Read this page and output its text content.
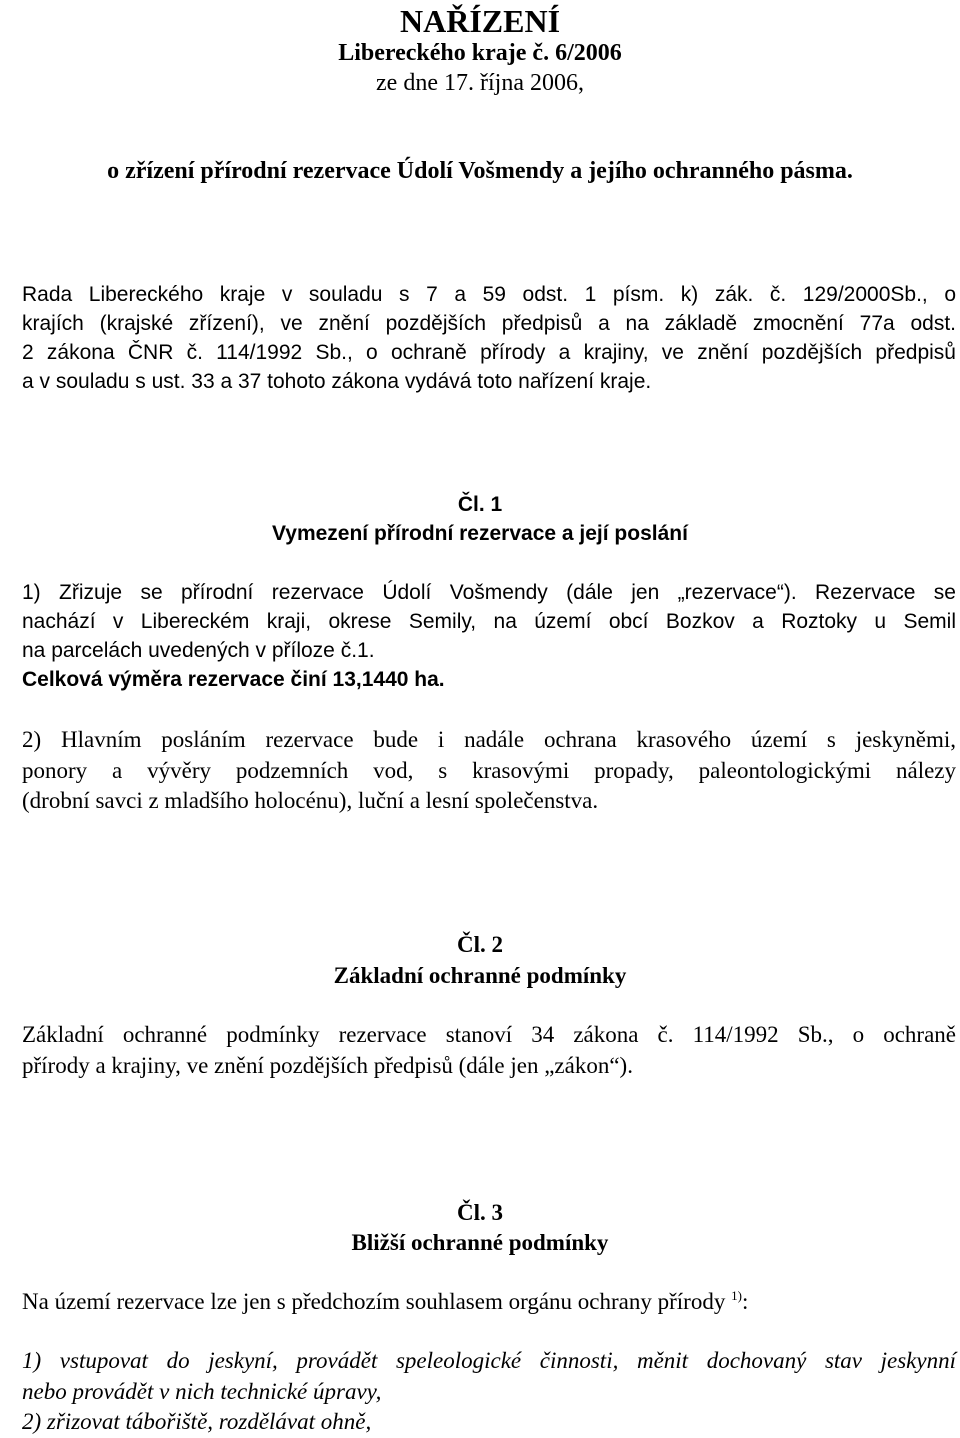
NAŘÍZENÍ
Libereckého kraje č. 6/2006
ze dne 17. října 2006,
o zřízení přírodní rezervace Údolí Vošmendy a jejího ochranného pásma.
Rada Libereckého kraje v souladu s 7 a 59 odst. 1 písm. k) zák. č. 129/2000Sb., o
krajích (krajské zřízení), ve znění pozdějších předpisů a na základě zmocnění 77a odst.
2 zákona ČNR č. 114/1992 Sb., o ochraně přírody a krajiny, ve znění pozdějších předpisů
a v souladu s ust. 33 a 37 tohoto zákona vydává toto nařízení kraje.
Čl. 1
Vymezení přírodní rezervace a její poslání
1) Zřizuje se přírodní rezervace Údolí Vošmendy (dále jen „rezervace“). Rezervace se
nachází v Libereckém kraji, okrese Semily, na území obcí Bozkov a Roztoky u Semil
na parcelách uvedených v příloze č.1.
Celková výměra rezervace činí 13,1440 ha.
2) Hlavním posláním rezervace bude i nadále ochrana krasového území s jeskyněmi,
ponory a vývěry podzemních vod, s krasovými propady, paleontologickými nálezy
(drobní savci z mladšího holocénu), luční a lesní společenstva.
Čl. 2
Základní ochranné podmínky
Základní ochranné podmínky rezervace stanoví 34 zákona č. 114/1992 Sb., o ochraně
přírody a krajiny, ve znění pozdějších předpisů (dále jen „zákon“).
Čl. 3
Bližší ochranné podmínky
Na území rezervace lze jen s předchozím souhlasem orgánu ochrany přírody $^{1)}$:
1) vstupovat do jeskyní, provádět speleologické činnosti, měnit dochovaný stav jeskynní
nebo provádět v nich technické úpravy,
2) zřizovat tábořiště, rozdělávat ohně,
